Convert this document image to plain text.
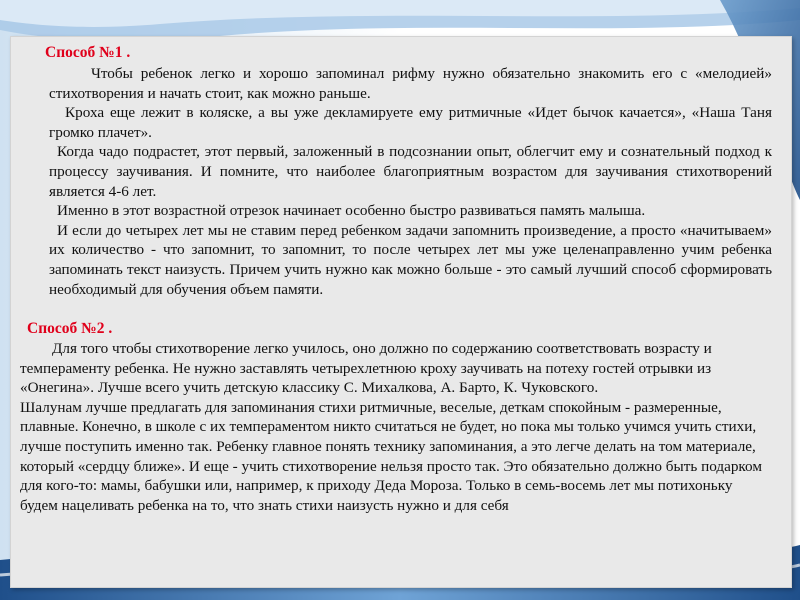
Способ №1 .

Чтобы ребенок легко и хорошо запоминал рифму нужно обязательно знакомить его с «мелодией» стихотворения и начать стоит, как можно раньше.

Кроха еще лежит в коляске, а вы уже декламируете ему ритмичные «Идет бычок качается», «Наша Таня громко плачет».

Когда чадо подрастет, этот первый, заложенный в подсознании опыт, облегчит ему и сознательный подход к процессу заучивания. И помните, что наиболее благоприятным возрастом для заучивания стихотворений является 4-6 лет.

Именно в этот возрастной отрезок начинает особенно быстро развиваться память малыша.

И если до четырех лет мы не ставим перед ребенком задачи запомнить произведение, а просто «начитываем» их количество - что запомнит, то запомнит, то после четырех лет мы уже целенаправленно учим ребенка запоминать текст наизусть. Причем учить нужно как можно больше - это самый лучший способ сформировать необходимый для обучения объем памяти.

Способ №2 .

Для того чтобы стихотворение легко училось, оно должно по содержанию соответствовать возрасту и темпераменту ребенка. Не нужно заставлять четырехлетнюю кроху заучивать на потеху гостей отрывки из «Онегина». Лучше всего учить детскую классику С. Михалкова, А. Барто, К. Чуковского.

Шалунам лучше предлагать для запоминания стихи ритмичные, веселые, деткам спокойным - размеренные, плавные. Конечно, в школе с их темпераментом никто считаться не будет, но пока мы только учимся учить стихи, лучше поступить именно так. Ребенку главное понять технику запоминания, а это легче делать на том материале, который «сердцу ближе». И еще - учить стихотворение нельзя просто так. Это обязательно должно быть подарком для кого-то: мамы, бабушки или, например, к приходу Деда Мороза. Только в семь-восемь лет мы потихоньку будем нацеливать ребенка на то, что знать стихи наизусть нужно и для себя
